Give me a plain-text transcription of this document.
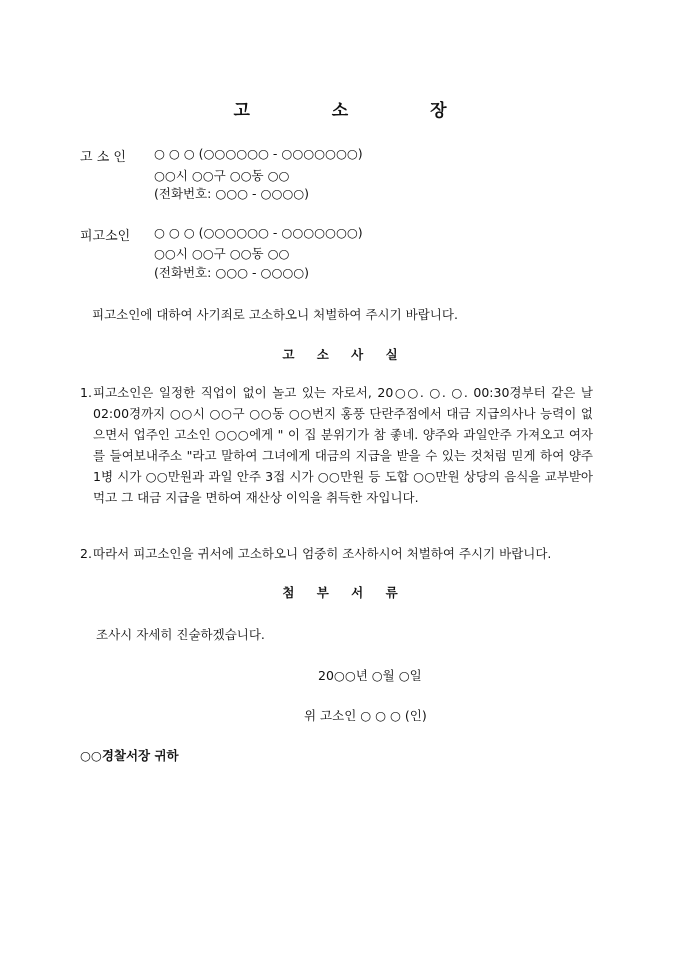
고 소 장
고 소 인 ○ ○ ○ (○○○○○○ - ○○○○○○○)
○○시 ○○구 ○○동 ○○
(전화번호: ○○○ - ○○○○)
피고소인 ○ ○ ○ (○○○○○○ - ○○○○○○○)
○○시 ○○구 ○○동 ○○
(전화번호: ○○○ - ○○○○)
피고소인에 대하여 사기죄로 고소하오니 처벌하여 주시기 바랍니다.
고 소 사 실
1. 피고소인은 일정한 직업이 없이 놀고 있는 자로서, 20○○. ○. ○. 00:30경부터 같은 날 02:00경까지 ○○시 ○○구 ○○동 ○○번지 홍풍 단란주점에서 대금 지급의사나 능력이 없으면서 업주인 고소인 ○○○에게 " 이 집 분위기가 참 좋네. 양주와 과일안주 가져오고 여자를 들여보내주소 "라고 말하여 그녀에게 대금의 지급을 받을 수 있는 것처럼 믿게 하여 양주 1병 시가 ○○만원과 과일 안주 3접 시가 ○○만원 등 도합 ○○만원 상당의 음식을 교부받아 먹고 그 대금 지급을 면하여 재산상 이익을 취득한 자입니다.
2. 따라서 피고소인을 귀서에 고소하오니 엄중히 조사하시어 처벌하여 주시기 바랍니다.
첨 부 서 류
조사시 자세히 진술하겠습니다.
20○○년 ○월 ○일
위 고소인 ○ ○ ○ (인)
○○경찰서장 귀하
